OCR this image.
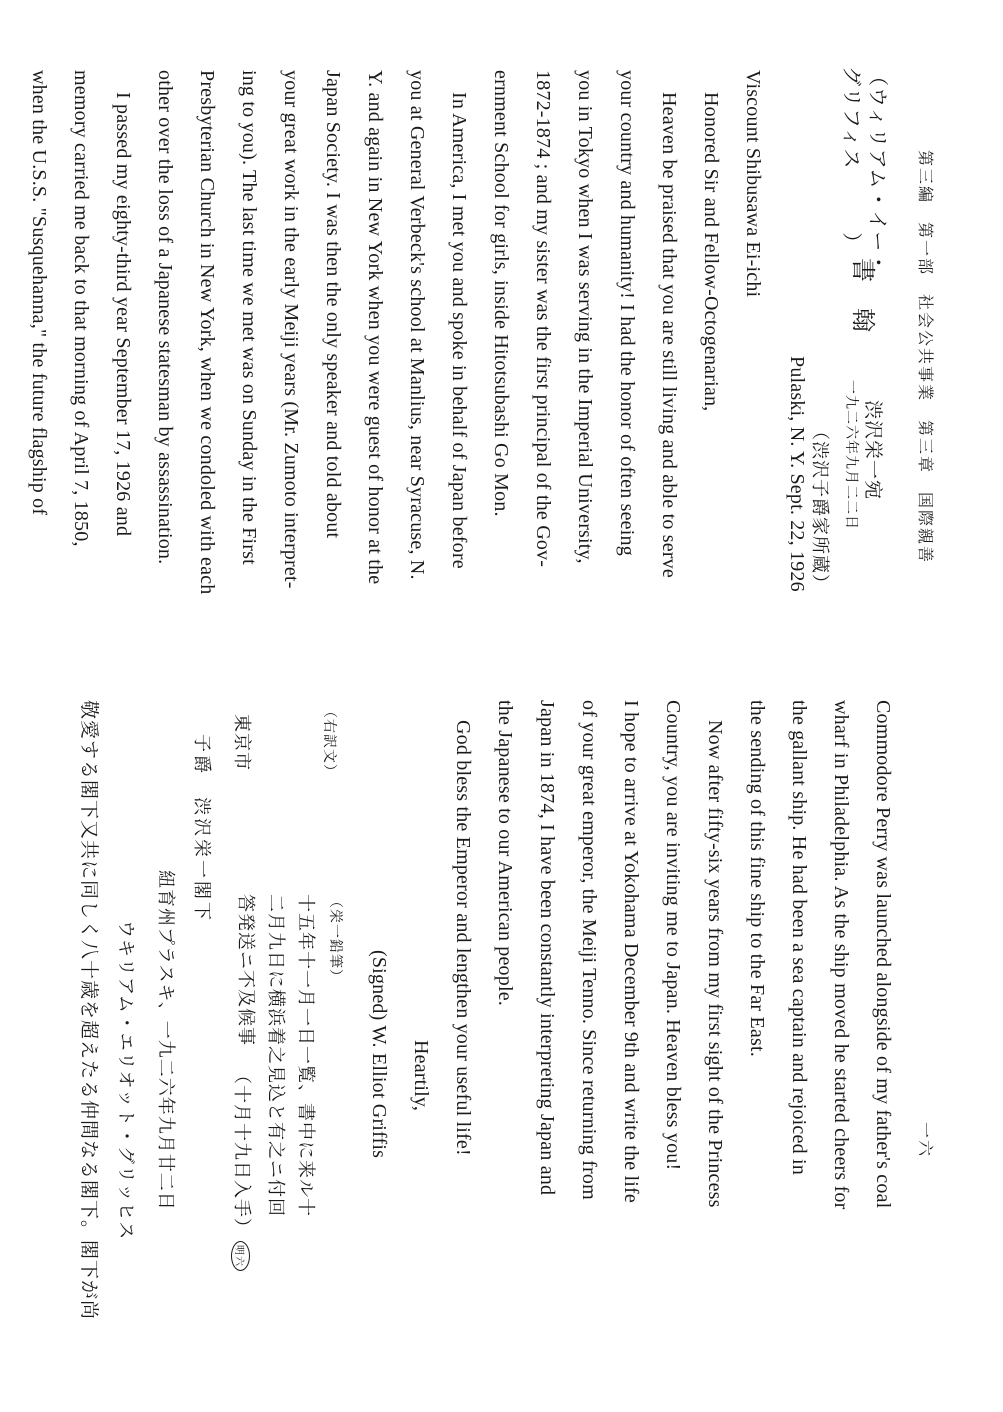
第三編　第一部　社会公共事業　第三章　国際親善
一六
（ウィリアム・イー・
グリフィス　　　）
書　翰
渋沢栄一宛
一九二六年九月二二日
（渋沢子爵家所蔵）
Pulaski, N. Y. Sept. 22, 1926
Viscount Shibusawa Ei-ichi
Honored Sir and Fellow-Octogenarian,
Heaven be praised that you are still living and able to serve
your country and humanity! I had the honor of often seeing
you in Tokyo when I was serving in the Imperial University,
1872-1874 ; and my sister was the first principal of the Gov-
ernment School for girls, inside Hitotsubashi Go Mon.
In America, I met you and spoke in behalf of Japan before
you at General Verbeck's school at Manlius, near Syracuse, N.
Y. and again in New York when you were guest of honor at the
Japan Society. I was then the only speaker and told about
your great work in the early Meiji years (Mr. Zumoto interpret-
ing to you). The last time we met was on Sunday in the First
Presbyterian Church in New York, when we condoled with each
other over the loss of a Japanese statesman by assassination.
I passed my eighty-third year September 17, 1926 and
memory carried me back to that morning of April 7, 1850,
when the U.S.S. "Susquehanna," the future flagship of
Commodore Perry was launched alongside of my father's coal
wharf in Philadelphia. As the ship moved he started cheers for
the gallant ship. He had been a sea captain and rejoiced in
the sending of this fine ship to the Far East.
Now after fifty-six years from my first sight of the Princess
Country, you are inviting me to Japan. Heaven bless you!
I hope to arrive at Yokohama December 9th and write the life
of your great emperor, the Meiji Tenno. Since returning from
Japan in 1874, I have been constantly interpreting Japan and
the Japanese to our American people.
God bless the Emperor and lengthen your useful life!
Heartily,
(Signed) W. Elliot Griffis
（右訳文）
（栄一鉛筆）
十五年十一月一日一覧、書中に来ル十
二月九日に横浜着之見込と有之ニ付回
答発送ニ不及候事
（十月十九日入手）明六
東京市
子爵　渋沢栄一閣下
紐育州プラスキ、一九二六年九月廿二日
ウキリアム・エリオット・グリッヒス
敬愛する閣下又共に同しく八十歳を超えたる仲間なる閣下。閣下が尚
